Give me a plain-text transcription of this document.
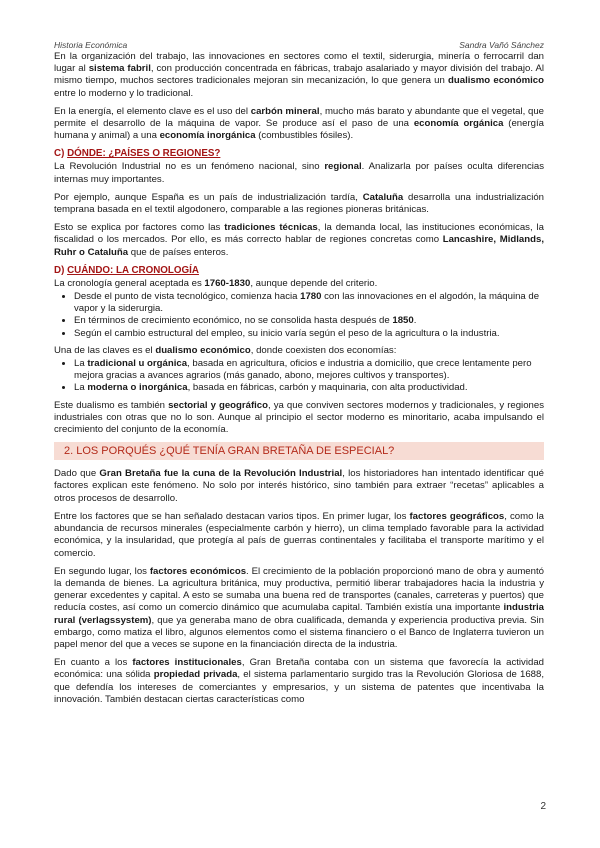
Historia Económica	Sandra Vañó Sánchez

En la organización del trabajo, las innovaciones en sectores como el textil, siderurgia, minería o ferrocarril dan lugar al sistema fabril, con producción concentrada en fábricas, trabajo asalariado y mayor división del trabajo. Al mismo tiempo, muchos sectores tradicionales mejoran sin mecanización, lo que genera un dualismo económico entre lo moderno y lo tradicional.

En la energía, el elemento clave es el uso del carbón mineral, mucho más barato y abundante que el vegetal, que permite el desarrollo de la máquina de vapor. Se produce así el paso de una economía orgánica (energía humana y animal) a una economía inorgánica (combustibles fósiles).

C) DÓNDE: ¿PAÍSES O REGIONES?

La Revolución Industrial no es un fenómeno nacional, sino regional. Analizarla por países oculta diferencias internas muy importantes.

Por ejemplo, aunque España es un país de industrialización tardía, Cataluña desarrolla una industrialización temprana basada en el textil algodonero, comparable a las regiones pioneras británicas.

Esto se explica por factores como las tradiciones técnicas, la demanda local, las instituciones económicas, la fiscalidad o los mercados. Por ello, es más correcto hablar de regiones concretas como Lancashire, Midlands, Ruhr o Cataluña que de países enteros.

D) CUÁNDO: LA CRONOLOGÍA

La cronología general aceptada es 1760-1830, aunque depende del criterio.

• Desde el punto de vista tecnológico, comienza hacia 1780 con las innovaciones en el algodón, la máquina de vapor y la siderurgia.
• En términos de crecimiento económico, no se consolida hasta después de 1850.
• Según el cambio estructural del empleo, su inicio varía según el peso de la agricultura o la industria.

Una de las claves es el dualismo económico, donde coexisten dos economías:

• La tradicional u orgánica, basada en agricultura, oficios e industria a domicilio, que crece lentamente pero mejora gracias a avances agrarios (más ganado, abono, mejores cultivos y transportes).
• La moderna o inorgánica, basada en fábricas, carbón y maquinaria, con alta productividad.

Este dualismo es también sectorial y geográfico, ya que conviven sectores modernos y tradicionales, y regiones industriales con otras que no lo son. Aunque al principio el sector moderno es minoritario, acaba impulsando el crecimiento del conjunto de la economía.

2. LOS PORQUÉS ¿QUÉ TENÍA GRAN BRETAÑA DE ESPECIAL?

Dado que Gran Bretaña fue la cuna de la Revolución Industrial, los historiadores han intentado identificar qué factores explican este fenómeno. No solo por interés histórico, sino también para extraer “recetas” aplicables a otros procesos de desarrollo.

Entre los factores que se han señalado destacan varios tipos. En primer lugar, los factores geográficos, como la abundancia de recursos minerales (especialmente carbón y hierro), un clima templado favorable para la actividad económica, y la insularidad, que protegía al país de guerras continentales y facilitaba el transporte marítimo y el comercio.

En segundo lugar, los factores económicos. El crecimiento de la población proporcionó mano de obra y aumentó la demanda de bienes. La agricultura británica, muy productiva, permitió liberar trabajadores hacia la industria y generar excedentes y capital. A esto se sumaba una buena red de transportes (canales, carreteras y puertos) que reducía costes, así como un comercio dinámico que acumulaba capital. También existía una importante industria rural (verlagssystem), que ya generaba mano de obra cualificada, demanda y experiencia productiva previa. Sin embargo, como matiza el libro, algunos elementos como el sistema financiero o el Banco de Inglaterra tuvieron un papel menor del que a veces se supone en la financiación directa de la industria.

En cuanto a los factores institucionales, Gran Bretaña contaba con un sistema que favorecía la actividad económica: una sólida propiedad privada, el sistema parlamentario surgido tras la Revolución Gloriosa de 1688, que defendía los intereses de comerciantes y empresarios, y un sistema de patentes que incentivaba la innovación. También destacan ciertas características como

2
